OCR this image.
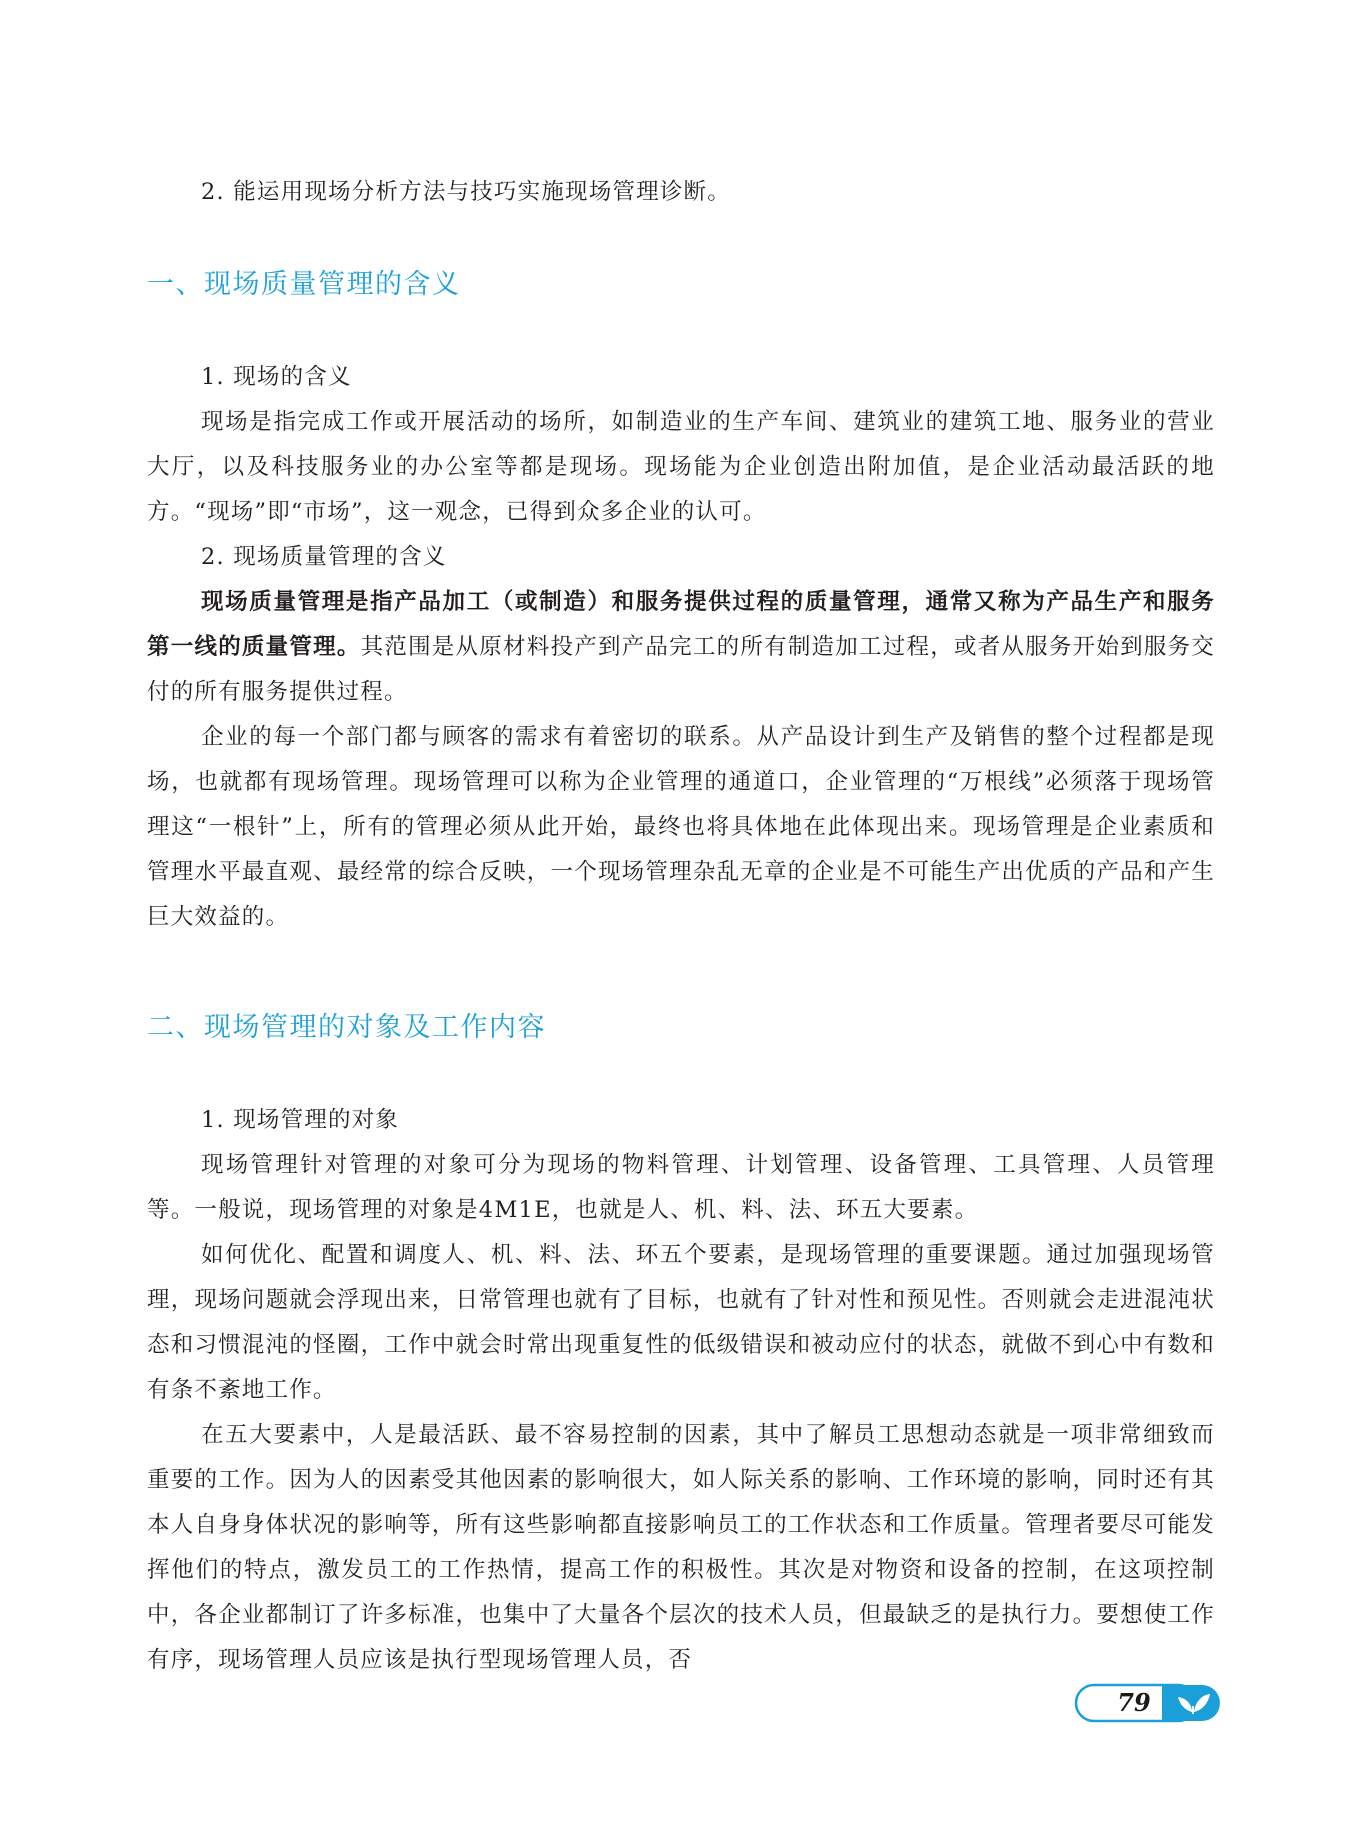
2. 能运用现场分析方法与技巧实施现场管理诊断。

一、现场质量管理的含义

1. 现场的含义

现场是指完成工作或开展活动的场所，如制造业的生产车间、建筑业的建筑工地、服务业的营业大厅，以及科技服务业的办公室等都是现场。现场能为企业创造出附加值，是企业活动最活跃的地方。“现场”即“市场”，这一观念，已得到众多企业的认可。

2. 现场质量管理的含义

现场质量管理是指产品加工（或制造）和服务提供过程的质量管理，通常又称为产品生产和服务第一线的质量管理。其范围是从原材料投产到产品完工的所有制造加工过程，或者从服务开始到服务交付的所有服务提供过程。

企业的每一个部门都与顾客的需求有着密切的联系。从产品设计到生产及销售的整个过程都是现场，也就都有现场管理。现场管理可以称为企业管理的通道口，企业管理的“万根线”必须落于现场管理这“一根针”上，所有的管理必须从此开始，最终也将具体地在此体现出来。现场管理是企业素质和管理水平最直观、最经常的综合反映，一个现场管理杂乱无章的企业是不可能生产出优质的产品和产生巨大效益的。

二、现场管理的对象及工作内容

1. 现场管理的对象

现场管理针对管理的对象可分为现场的物料管理、计划管理、设备管理、工具管理、人员管理等。一般说，现场管理的对象是4M1E，也就是人、机、料、法、环五大要素。

如何优化、配置和调度人、机、料、法、环五个要素，是现场管理的重要课题。通过加强现场管理，现场问题就会浮现出来，日常管理也就有了目标，也就有了针对性和预见性。否则就会走进混沌状态和习惯混沌的怪圈，工作中就会时常出现重复性的低级错误和被动应付的状态，就做不到心中有数和有条不紊地工作。

在五大要素中，人是最活跃、最不容易控制的因素，其中了解员工思想动态就是一项非常细致而重要的工作。因为人的因素受其他因素的影响很大，如人际关系的影响、工作环境的影响，同时还有其本人自身身体状况的影响等，所有这些影响都直接影响员工的工作状态和工作质量。管理者要尽可能发挥他们的特点，激发员工的工作热情，提高工作的积极性。其次是对物资和设备的控制，在这项控制中，各企业都制订了许多标准，也集中了大量各个层次的技术人员，但最缺乏的是执行力。要想使工作有序，现场管理人员应该是执行型现场管理人员，否

79
